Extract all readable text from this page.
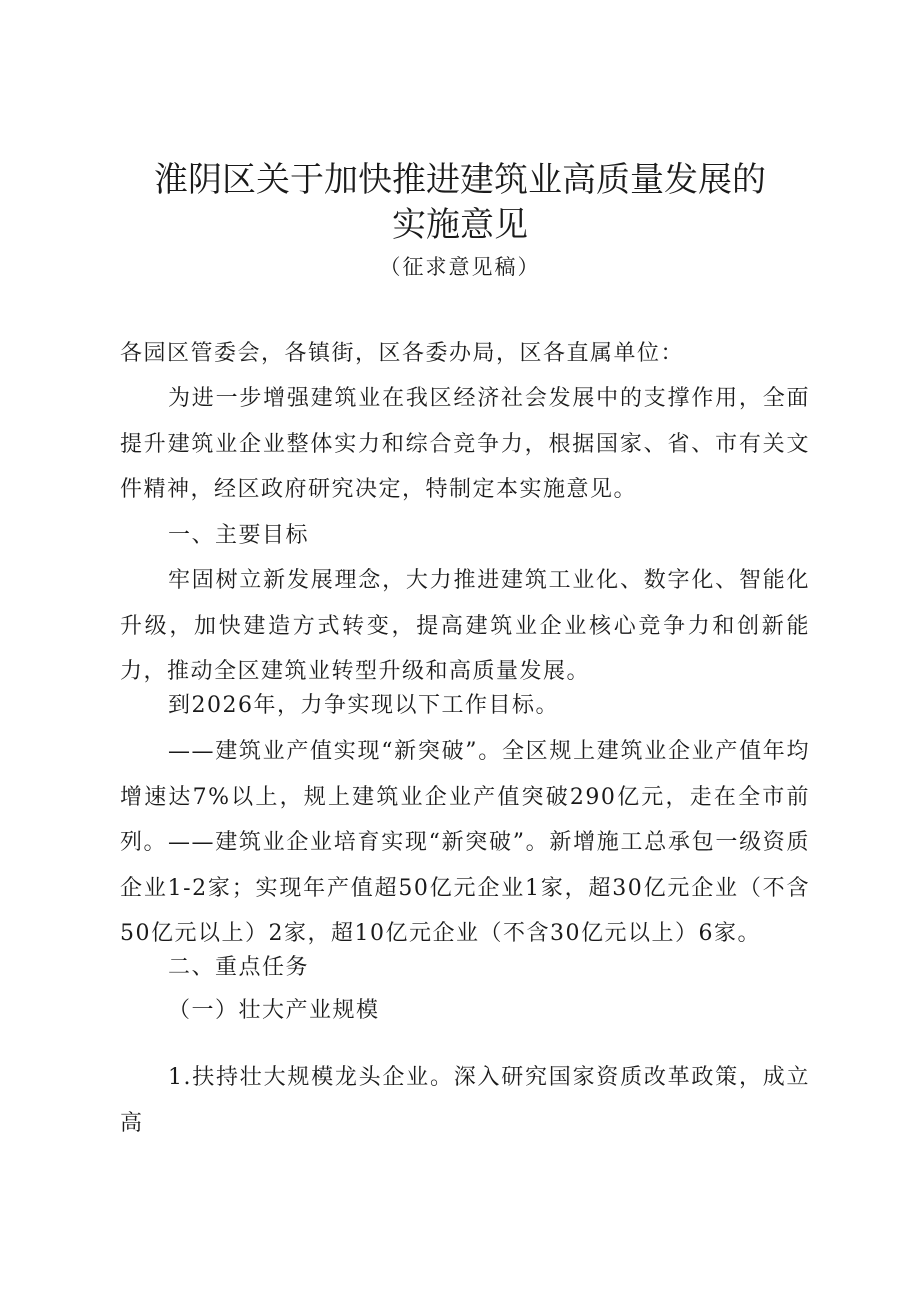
淮阴区关于加快推进建筑业高质量发展的
实施意见
（征求意见稿）

各园区管委会，各镇街，区各委办局，区各直属单位：

为进一步增强建筑业在我区经济社会发展中的支撑作用，全面提升建筑业企业整体实力和综合竞争力，根据国家、省、市有关文件精神，经区政府研究决定，特制定本实施意见。

一、主要目标

牢固树立新发展理念，大力推进建筑工业化、数字化、智能化升级，加快建造方式转变，提高建筑业企业核心竞争力和创新能力，推动全区建筑业转型升级和高质量发展。

到2026年，力争实现以下工作目标。

——建筑业产值实现“新突破”。全区规上建筑业企业产值年均增速达7%以上，规上建筑业企业产值突破290亿元，走在全市前列。 ——建筑业企业培育实现“新突破”。新增施工总承包一级资质企业1-2家；实现年产值超50亿元企业1家，超30亿元企业（不含50亿元以上）2家，超10亿元企业（不含30亿元以上）6家。

二、重点任务

（一）壮大产业规模

1.扶持壮大规模龙头企业。深入研究国家资质改革政策，成立高
